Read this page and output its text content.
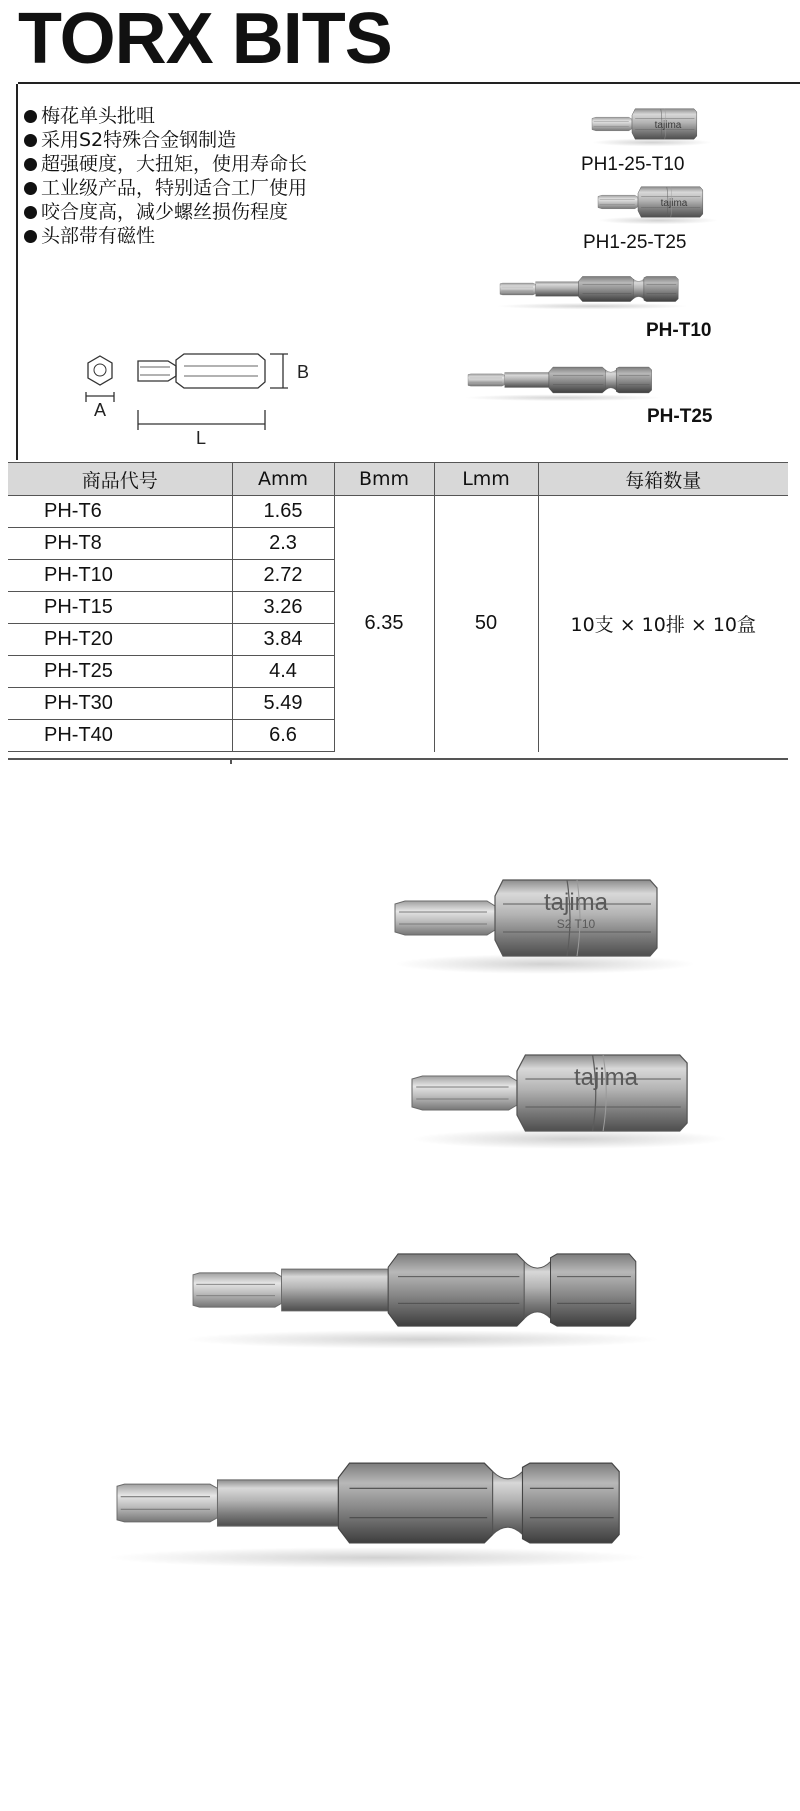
TORX BITS
梅花单头批咀
采用S2特殊合金钢制造
超强硬度，大扭矩，使用寿命长
工业级产品，特别适合工厂使用
咬合度高，减少螺丝损伤程度
头部带有磁性
tajima
tajima
A
B
L
tajima
S2 T10
tajima
PH1-25-T10
PH1-25-T25
PH-T10
PH-T25
商品代号	Amm	Bmm	Lmm	每箱数量
PH-T6	1.65	6.35	50	10支 × 10排 × 10盒
PH-T8	2.3			
PH-T10	2.72			
PH-T15	3.26			
PH-T20	3.84			
PH-T25	4.4			
PH-T30	5.49			
PH-T40	6.6			
